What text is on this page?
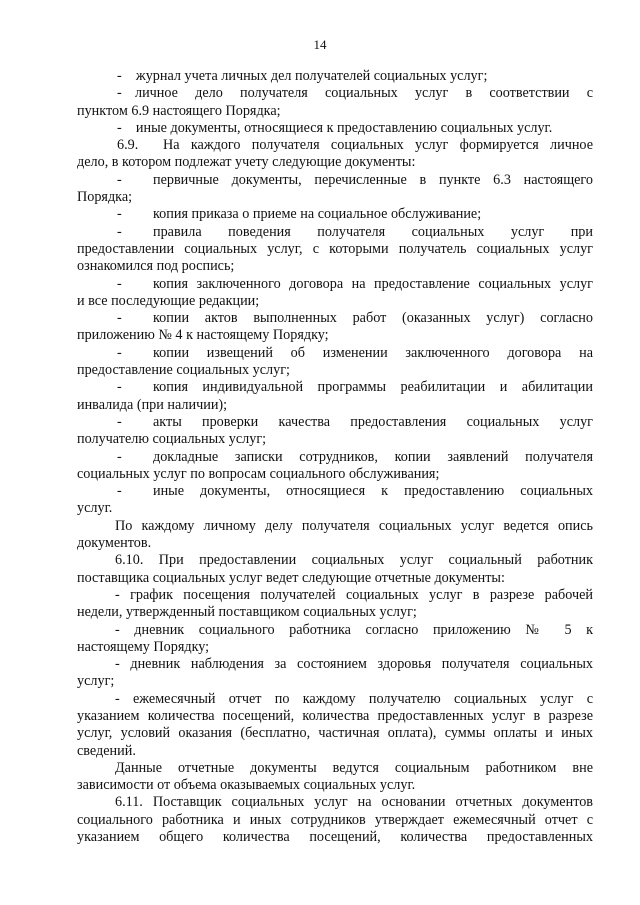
14
- журнал учета личных дел получателей социальных услуг;
- личное дело получателя социальных услуг в соответствии с
пунктом 6.9 настоящего Порядка;
- иные документы, относящиеся к предоставлению социальных услуг.
6.9.	На каждого получателя социальных услуг формируется личное
дело, в котором подлежат учету следующие документы:
-	первичные документы, перечисленные в пункте 6.3 настоящего
Порядка;
-	копия приказа о приеме на социальное обслуживание;
-	правила поведения получателя социальных услуг при
предоставлении социальных услуг, с которыми получатель социальных услуг
ознакомился под роспись;
-	копия заключенного договора на предоставление социальных услуг
и все последующие редакции;
-	копии актов выполненных работ (оказанных услуг) согласно
приложению № 4 к настоящему Порядку;
-	копии извещений об изменении заключенного договора на
предоставление социальных услуг;
-	копия индивидуальной программы реабилитации и абилитации
инвалида (при наличии);
-	акты проверки качества предоставления социальных услуг
получателю социальных услуг;
-	докладные записки сотрудников, копии заявлений получателя
социальных услуг по вопросам социального обслуживания;
-	иные документы, относящиеся к предоставлению социальных
услуг.
По каждому личному делу получателя социальных услуг ведется опись
документов.
6.10. При предоставлении социальных услуг социальный работник
поставщика социальных услуг ведет следующие отчетные документы:
- график посещения получателей социальных услуг в разрезе рабочей
недели, утвержденный поставщиком социальных услуг;
- дневник социального работника согласно приложению № 5 к
настоящему Порядку;
- дневник наблюдения за состоянием здоровья получателя социальных
услуг;
- ежемесячный отчет по каждому получателю социальных услуг с
указанием количества посещений, количества предоставленных услуг в разрезе
услуг, условий оказания (бесплатно, частичная оплата), суммы оплаты и иных
сведений.
Данные отчетные документы ведутся социальным работником вне
зависимости от объема оказываемых социальных услуг.
6.11. Поставщик социальных услуг на основании отчетных документов
социального работника и иных сотрудников утверждает ежемесячный отчет с
указанием общего количества посещений, количества предоставленных
